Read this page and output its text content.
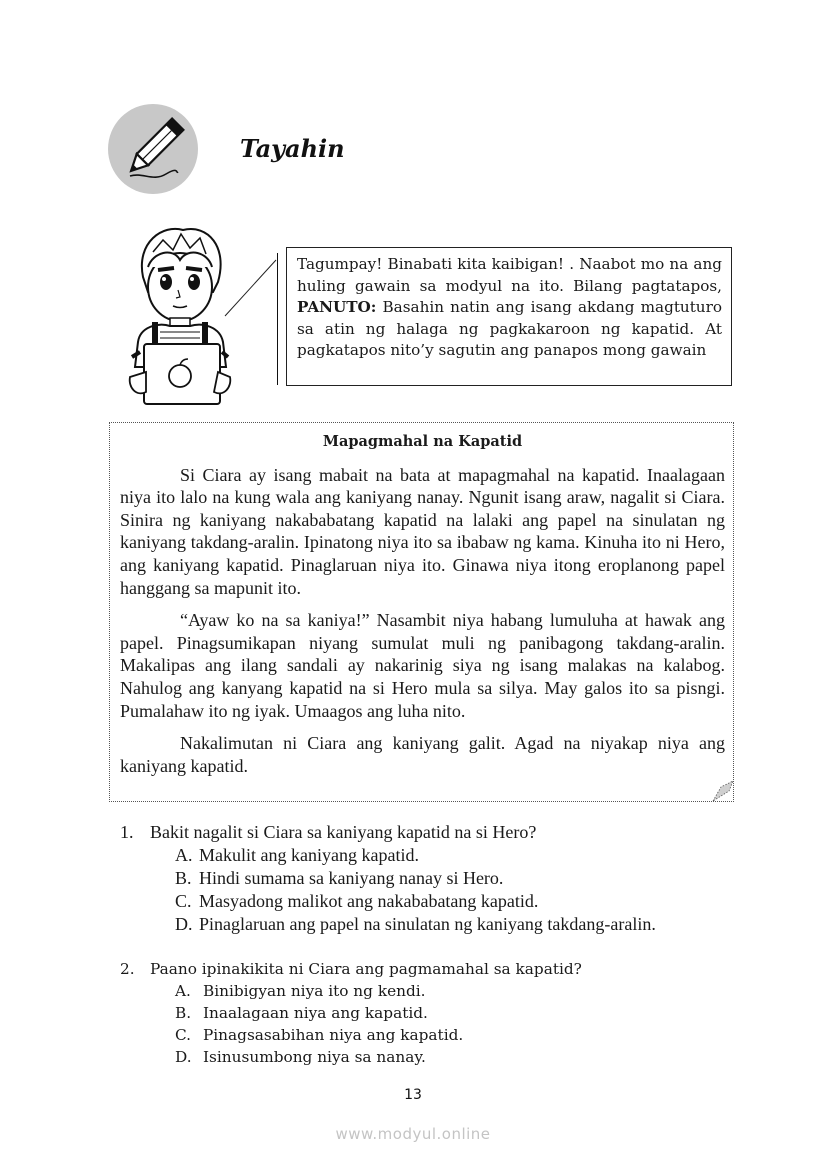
Tayahin
Tagumpay! Binabati kita kaibigan! . Naabot mo na ang huling gawain sa modyul na ito. Bilang pagtatapos, PANUTO: Basahin natin ang isang akdang magtuturo sa atin ng halaga ng pagkakaroon ng kapatid. At pagkatapos nito’y sagutin ang panapos mong gawain
Mapagmahal na Kapatid

Si Ciara ay isang mabait na bata at mapagmahal na kapatid. Inaalagaan niya ito lalo na kung wala ang kaniyang nanay. Ngunit isang araw, nagalit si Ciara. Sinira ng kaniyang nakababatang kapatid na lalaki ang papel na sinulatan ng kaniyang takdang-aralin. Ipinatong niya ito sa ibabaw ng kama. Kinuha ito ni Hero, ang kaniyang kapatid. Pinaglaruan niya ito. Ginawa niya itong eroplanong papel hanggang sa mapunit ito.

“Ayaw ko na sa kaniya!” Nasambit niya habang lumuluha at hawak ang papel. Pinagsumikapan niyang sumulat muli ng panibagong takdang-aralin. Makalipas ang ilang sandali ay nakarinig siya ng isang malakas na kalabog. Nahulog ang kanyang kapatid na si Hero mula sa silya. May galos ito sa pisngi. Pumalahaw ito ng iyak. Umaagos ang luha nito.

Nakalimutan ni Ciara ang kaniyang galit. Agad na niyakap niya ang kaniyang kapatid.

1. Bakit nagalit si Ciara sa kaniyang kapatid na si Hero?
A. Makulit ang kaniyang kapatid.
B. Hindi sumama sa kaniyang nanay si Hero.
C. Masyadong malikot ang nakababatang kapatid.
D. Pinaglaruan ang papel na sinulatan ng kaniyang takdang-aralin.
2. Paano ipinakikita ni Ciara ang pagmamahal sa kapatid?
A. Binibigyan niya ito ng kendi.
B. Inaalagaan niya ang kapatid.
C. Pinagsasabihan niya ang kapatid.
D. Isinusumbong niya sa nanay.
13
www.modyul.online
